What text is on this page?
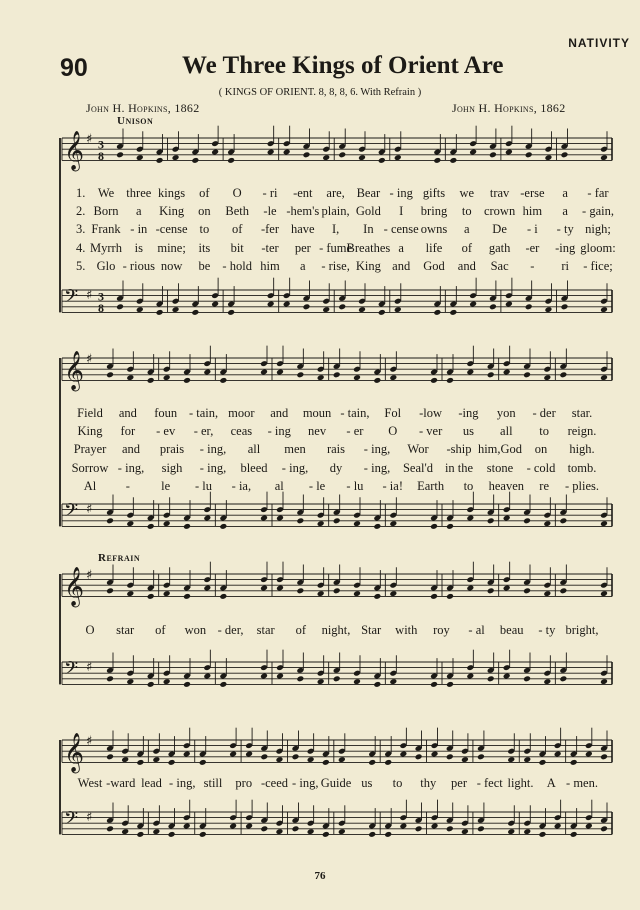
NATIVITY
90	We Three Kings of Orient Are
( KINGS OF ORIENT. 8, 8, 8, 6. With Refrain )
John H. Hopkins, 1862	John H. Hopkins, 1862
Unison
Refrain
𝄞 ♯ 3
8
𝄢 ♯ 3
8
𝄞 ♯
𝄢 ♯
𝄞 ♯
𝄢 ♯
𝄞 ♯
𝄢 ♯
1. We three kings of O - ri -ent are, Bear - ing gifts we trav -erse a - far
2. Born a King on Beth -le -hem's plain, Gold I bring to crown him a - gain,
3. Frank - in -cense to of -fer have I, In - cense owns a De - i - ty nigh;
4. Myrrh is mine; its bit -ter per - fume
Breathes a life of gath -er -ing gloom:
5. Glo - rious now be - hold him a - rise, King and God and Sac - ri - fice;
Field and foun - tain, moor and moun - tain, Fol -low -ing yon - der star.
King for - ev - er, ceas - ing nev - er O - ver us all to reign.
Prayer and prais - ing, all men rais - ing, Wor -ship him,God on high.
Sorrow - ing, sigh - ing, bleed - ing, dy - ing, Seal'd in the stone - cold tomb.
Al - le - lu - ia, al - le - lu - ia! Earth to heaven re - plies.
O star of won - der, star of night, Star with roy - al beau - ty bright,
West -ward lead - ing, still pro -ceed - ing, Guide us to thy per - fect light. A - men.
76
